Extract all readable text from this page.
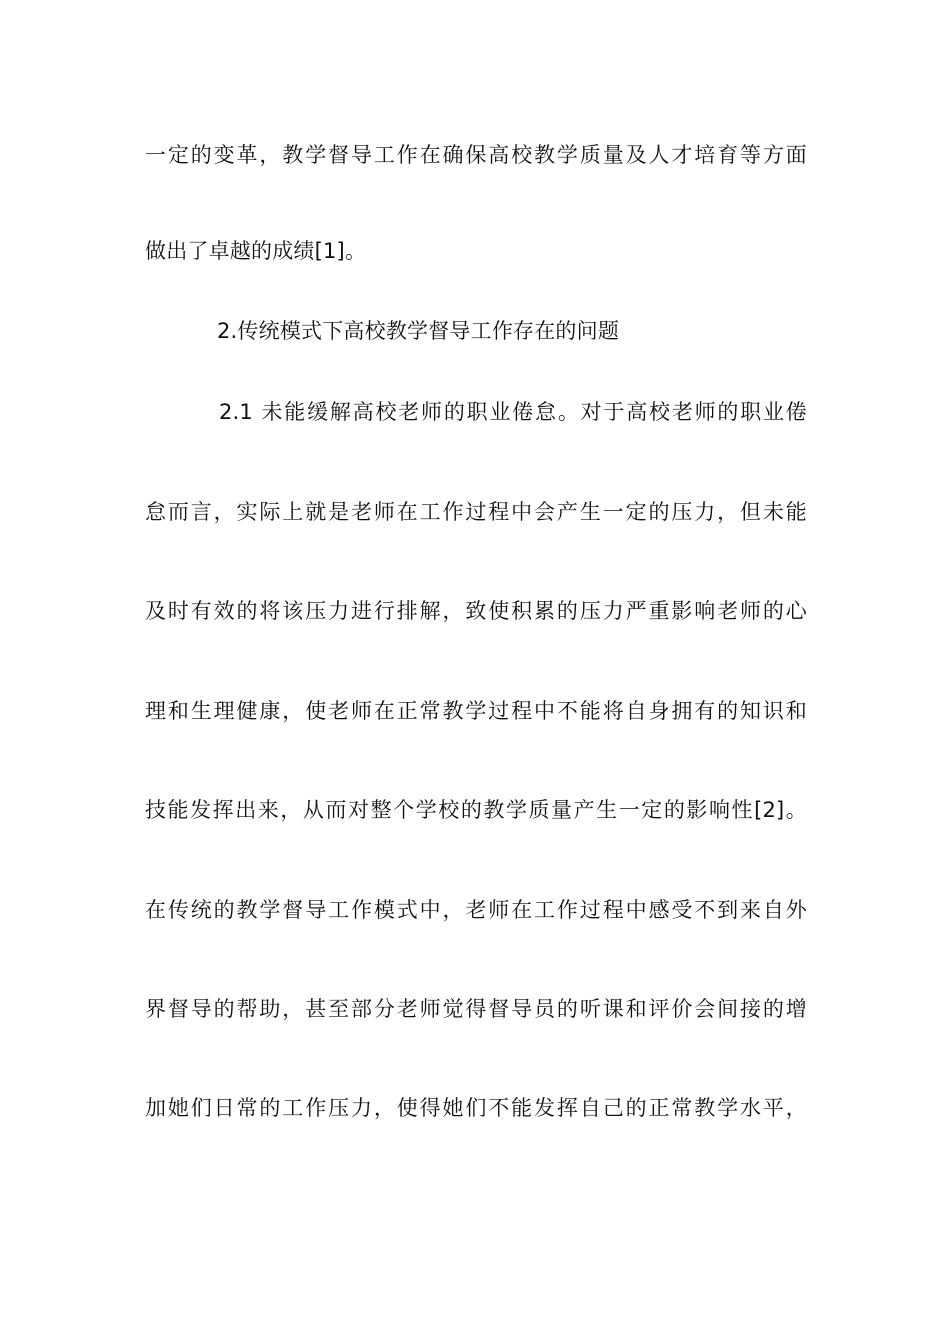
一定的变革，教学督导工作在确保高校教学质量及人才培育等方面
做出了卓越的成绩[1]。
2.传统模式下高校教学督导工作存在的问题
2.1 未能缓解高校老师的职业倦怠。对于高校老师的职业倦
怠而言，实际上就是老师在工作过程中会产生一定的压力，但未能
及时有效的将该压力进行排解，致使积累的压力严重影响老师的心
理和生理健康，使老师在正常教学过程中不能将自身拥有的知识和
技能发挥出来，从而对整个学校的教学质量产生一定的影响性[2]。
在传统的教学督导工作模式中，老师在工作过程中感受不到来自外
界督导的帮助，甚至部分老师觉得督导员的听课和评价会间接的增
加她们日常的工作压力，使得她们不能发挥自己的正常教学水平，
